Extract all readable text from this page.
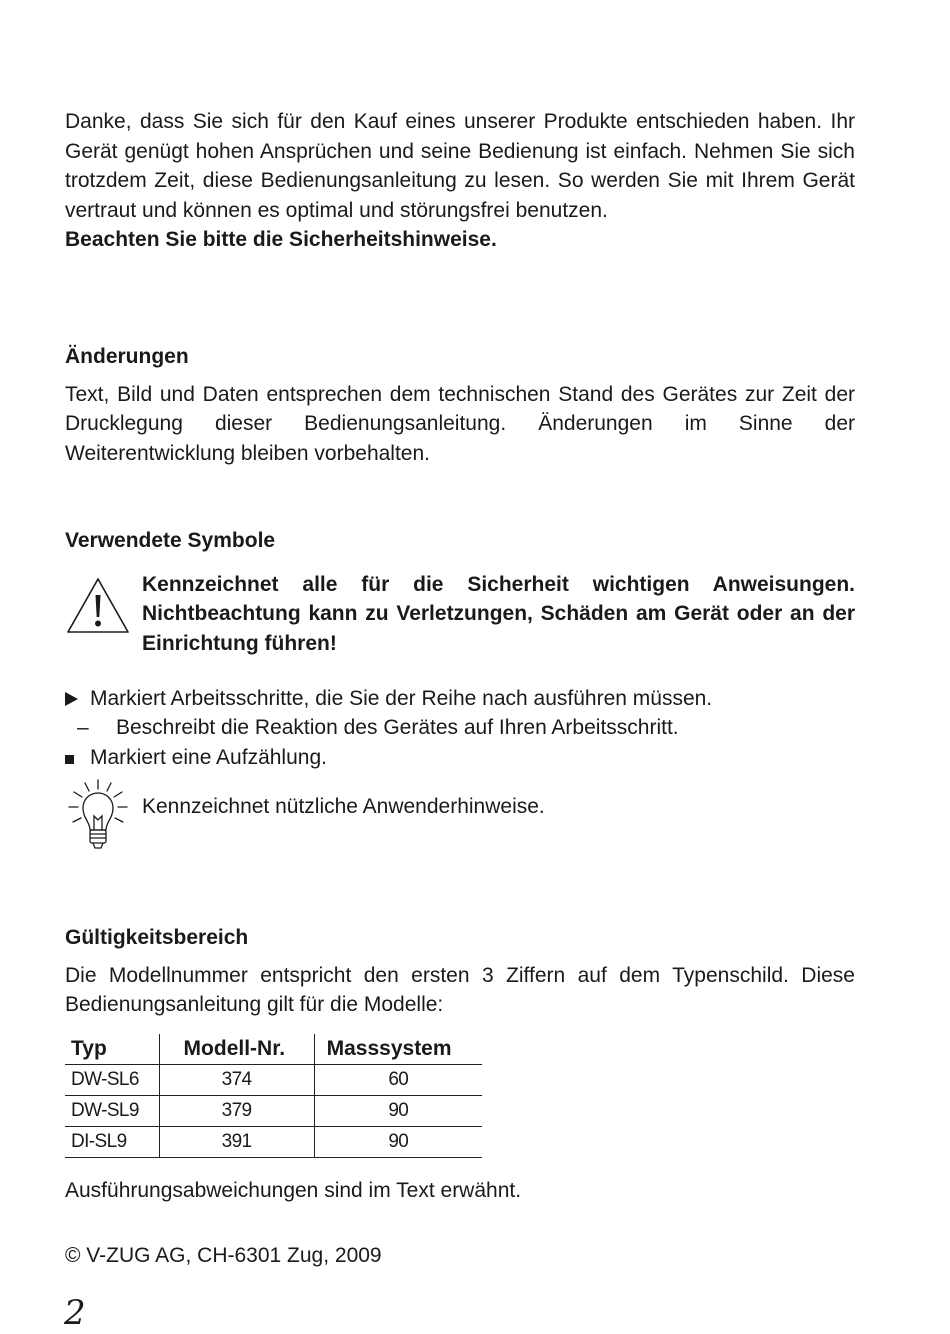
Danke, dass Sie sich für den Kauf eines unserer Produkte entschieden haben. Ihr Gerät genügt hohen Ansprüchen und seine Bedienung ist einfach. Nehmen Sie sich trotzdem Zeit, diese Bedienungsanleitung zu lesen. So werden Sie mit Ihrem Gerät vertraut und können es optimal und störungsfrei benutzen.

Beachten Sie bitte die Sicherheitshinweise.

Änderungen

Text, Bild und Daten entsprechen dem technischen Stand des Gerätes zur Zeit der Drucklegung dieser Bedienungsanleitung. Änderungen im Sinne der Weiterentwicklung bleiben vorbehalten.

Verwendete Symbole

Kennzeichnet alle für die Sicherheit wichtigen Anweisungen. Nichtbeachtung kann zu Verletzungen, Schäden am Gerät oder an der Einrichtung führen!

Markiert Arbeitsschritte, die Sie der Reihe nach ausführen müssen.
– Beschreibt die Reaktion des Gerätes auf Ihren Arbeitsschritt.
Markiert eine Aufzählung.

Kennzeichnet nützliche Anwenderhinweise.

Gültigkeitsbereich

Die Modellnummer entspricht den ersten 3 Ziffern auf dem Typenschild. Diese Bedienungsanleitung gilt für die Modelle:

Typ	Modell-Nr.	Masssystem
DW-SL6	374	60
DW-SL9	379	90
DI-SL9	391	90

Ausführungsabweichungen sind im Text erwähnt.

© V-ZUG AG, CH-6301 Zug, 2009

2
